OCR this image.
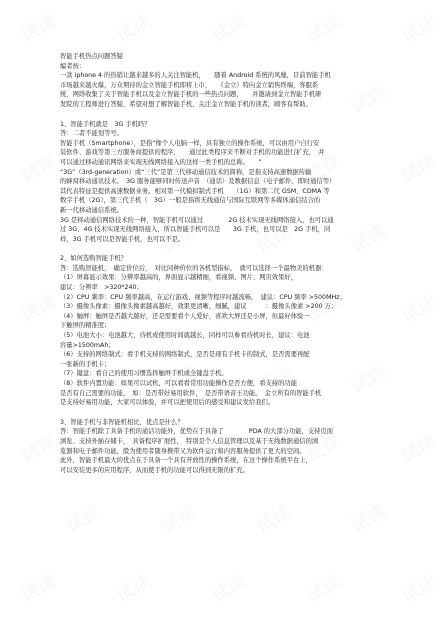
智能手机热点问题答疑

编者按：

一款 iphone 4 的热销让越来越多的人关注智能机，　　随着 Android 系统的风靡，目前智能手机

市场越来越火爆，万众期待的金立智能手机即将上市，　　《金立》特向金立销售终端，客服系

统，网络收集了关于智能手机以及金立智能手机的一些热点问题，　　并邀请到金立智能手机研

发院的工程师进行答疑，希望对想了解智能手机、关注金立智能手机的读者，顾客有帮助。

1、智能手机就是　3G 手机吗？

答：二者不能划等号。

智能手机（Smartphone），是指“像个人电脑一样，具有独立的操作系统，可以由用户自行安

装软件、游戏等第三方服务商提供的程序，　　通过此类程序来不断对手机的功能进行扩充，　并

可以通过移动通讯网络来实现无线网络接入的这样一类手机的总称。　　”

“3G”（3rd-generation）或“三代”是第三代移动通信技术的简称，是指支持高速数据传输

的蜂窝移动通讯技术。　3G 服务能够同时传送声音　（通话）及数据信息（电子邮件、即时通信等）

其代表特征是提供高速数据业务。相对第一代模拟制式手机　　（1G）和第二代 GSM、CDMA 等

数字手机（2G），第三代手机（　3G）一般是指将无线通信与国际互联网等多媒体通信结合的

新一代移动通信系统。

3G 是移动通信网络技术的一种，智能手机可以通过　　　　2G 技术实现无线网络接入，也可以通

过 3G、4G 技术实现无线网络接入，所以智能手机可以是　　3G 手机，也可以是　2G 手机，同

样，3G 手机可以是智能手机，也可以不是。

2、如何选购智能手机？

答：选购智能机，　确定价位后，　对比同种价位的各机型指标，　就可以选择一个最物美的机器：

（1）屏幕显示效果：分辨率越高的，界面显示越精细，看视频、图片、网页效果好，

建议：分辨率　>320*240；

（2）CPU 频率：CPU 频率越高，在运行游戏、视频等程序时越流畅，　建议：CPU 频率 >500MHz；

（3）摄像头像素：摄像头像素越高越好，效果更清晰，细腻，建议　　　：摄像头像素 >200 万；

（4）触屏：触屏是否越大越好，还是需要看个人爱好，喜欢大屏还是小屏，但最好体验一

下触屏的精准度；

（5）电池大小：电池越大，待机或使用时间就越长，同样可以参看待机时长，建议：电池

容量>1500mAh；

（6）支持的网络制式：看手机支持的网络制式，是否是现有手机卡的制式，是否需要再配

一张新的手机卡；

（7）键盘：看自己的使用习惯选择触屏手机或全键盘手机。

（8）软件内置功能：如果可以试机，可以看看常用功能操作是否方便，看支持的功能

是否有自己需要的功能，　如：是否带好易用软件，　是否带语音王功能。　金立所有的智能手机

是支持好易用功能，大家可以体验，并可以把使用后的感受和建议发给我们。

3、智能手机与非智能机相比，优点是什么？

答：智能手机除了具备手机的通话功能外，优势在于具备了　　　　PDA 的大部分功能，支持页面

浏览、支持外插存储卡，　具备程序扩展性，　特别是个人信息管理以及基于无线数据通信的浏

览器和电子邮件功能，股为使用者随身携带又为软件运行和内容服务提供了更大的空间。

此外，智能手机最大的优点在于具备一个具有开放性的操作系统，在这个操作系统平台上，

可以安装更多的应用程序，从而使手机的功能可以得到无限的扩充。
